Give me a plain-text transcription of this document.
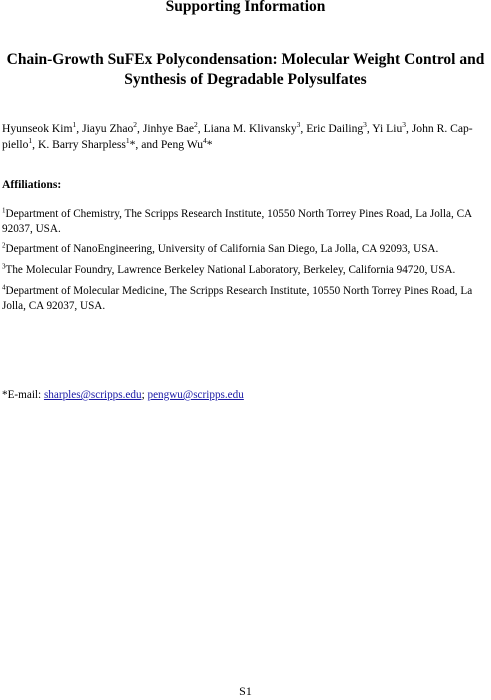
Supporting Information
Chain-Growth SuFEx Polycondensation: Molecular Weight Control and
Synthesis of Degradable Polysulfates
Hyunseok Kim$^1$, Jiayu Zhao$^2$, Jinhye Bae$^2$, Liana M. Klivansky$^3$, Eric Dailing$^3$, Yi Liu$^3$, John R. Cap-piello$^1$, K. Barry Sharpless$^1$*, and Peng Wu$^4$*
Affiliations:
$^1$Department of Chemistry, The Scripps Research Institute, 10550 North Torrey Pines Road, La Jolla, CA 92037, USA.
$^2$Department of NanoEngineering, University of California San Diego, La Jolla, CA 92093, USA.
$^3$The Molecular Foundry, Lawrence Berkeley National Laboratory, Berkeley, California 94720, USA.
$^4$Department of Molecular Medicine, The Scripps Research Institute, 10550 North Torrey Pines Road, La Jolla, CA 92037, USA.
*E-mail: sharples@scripps.edu; pengwu@scripps.edu
S1
